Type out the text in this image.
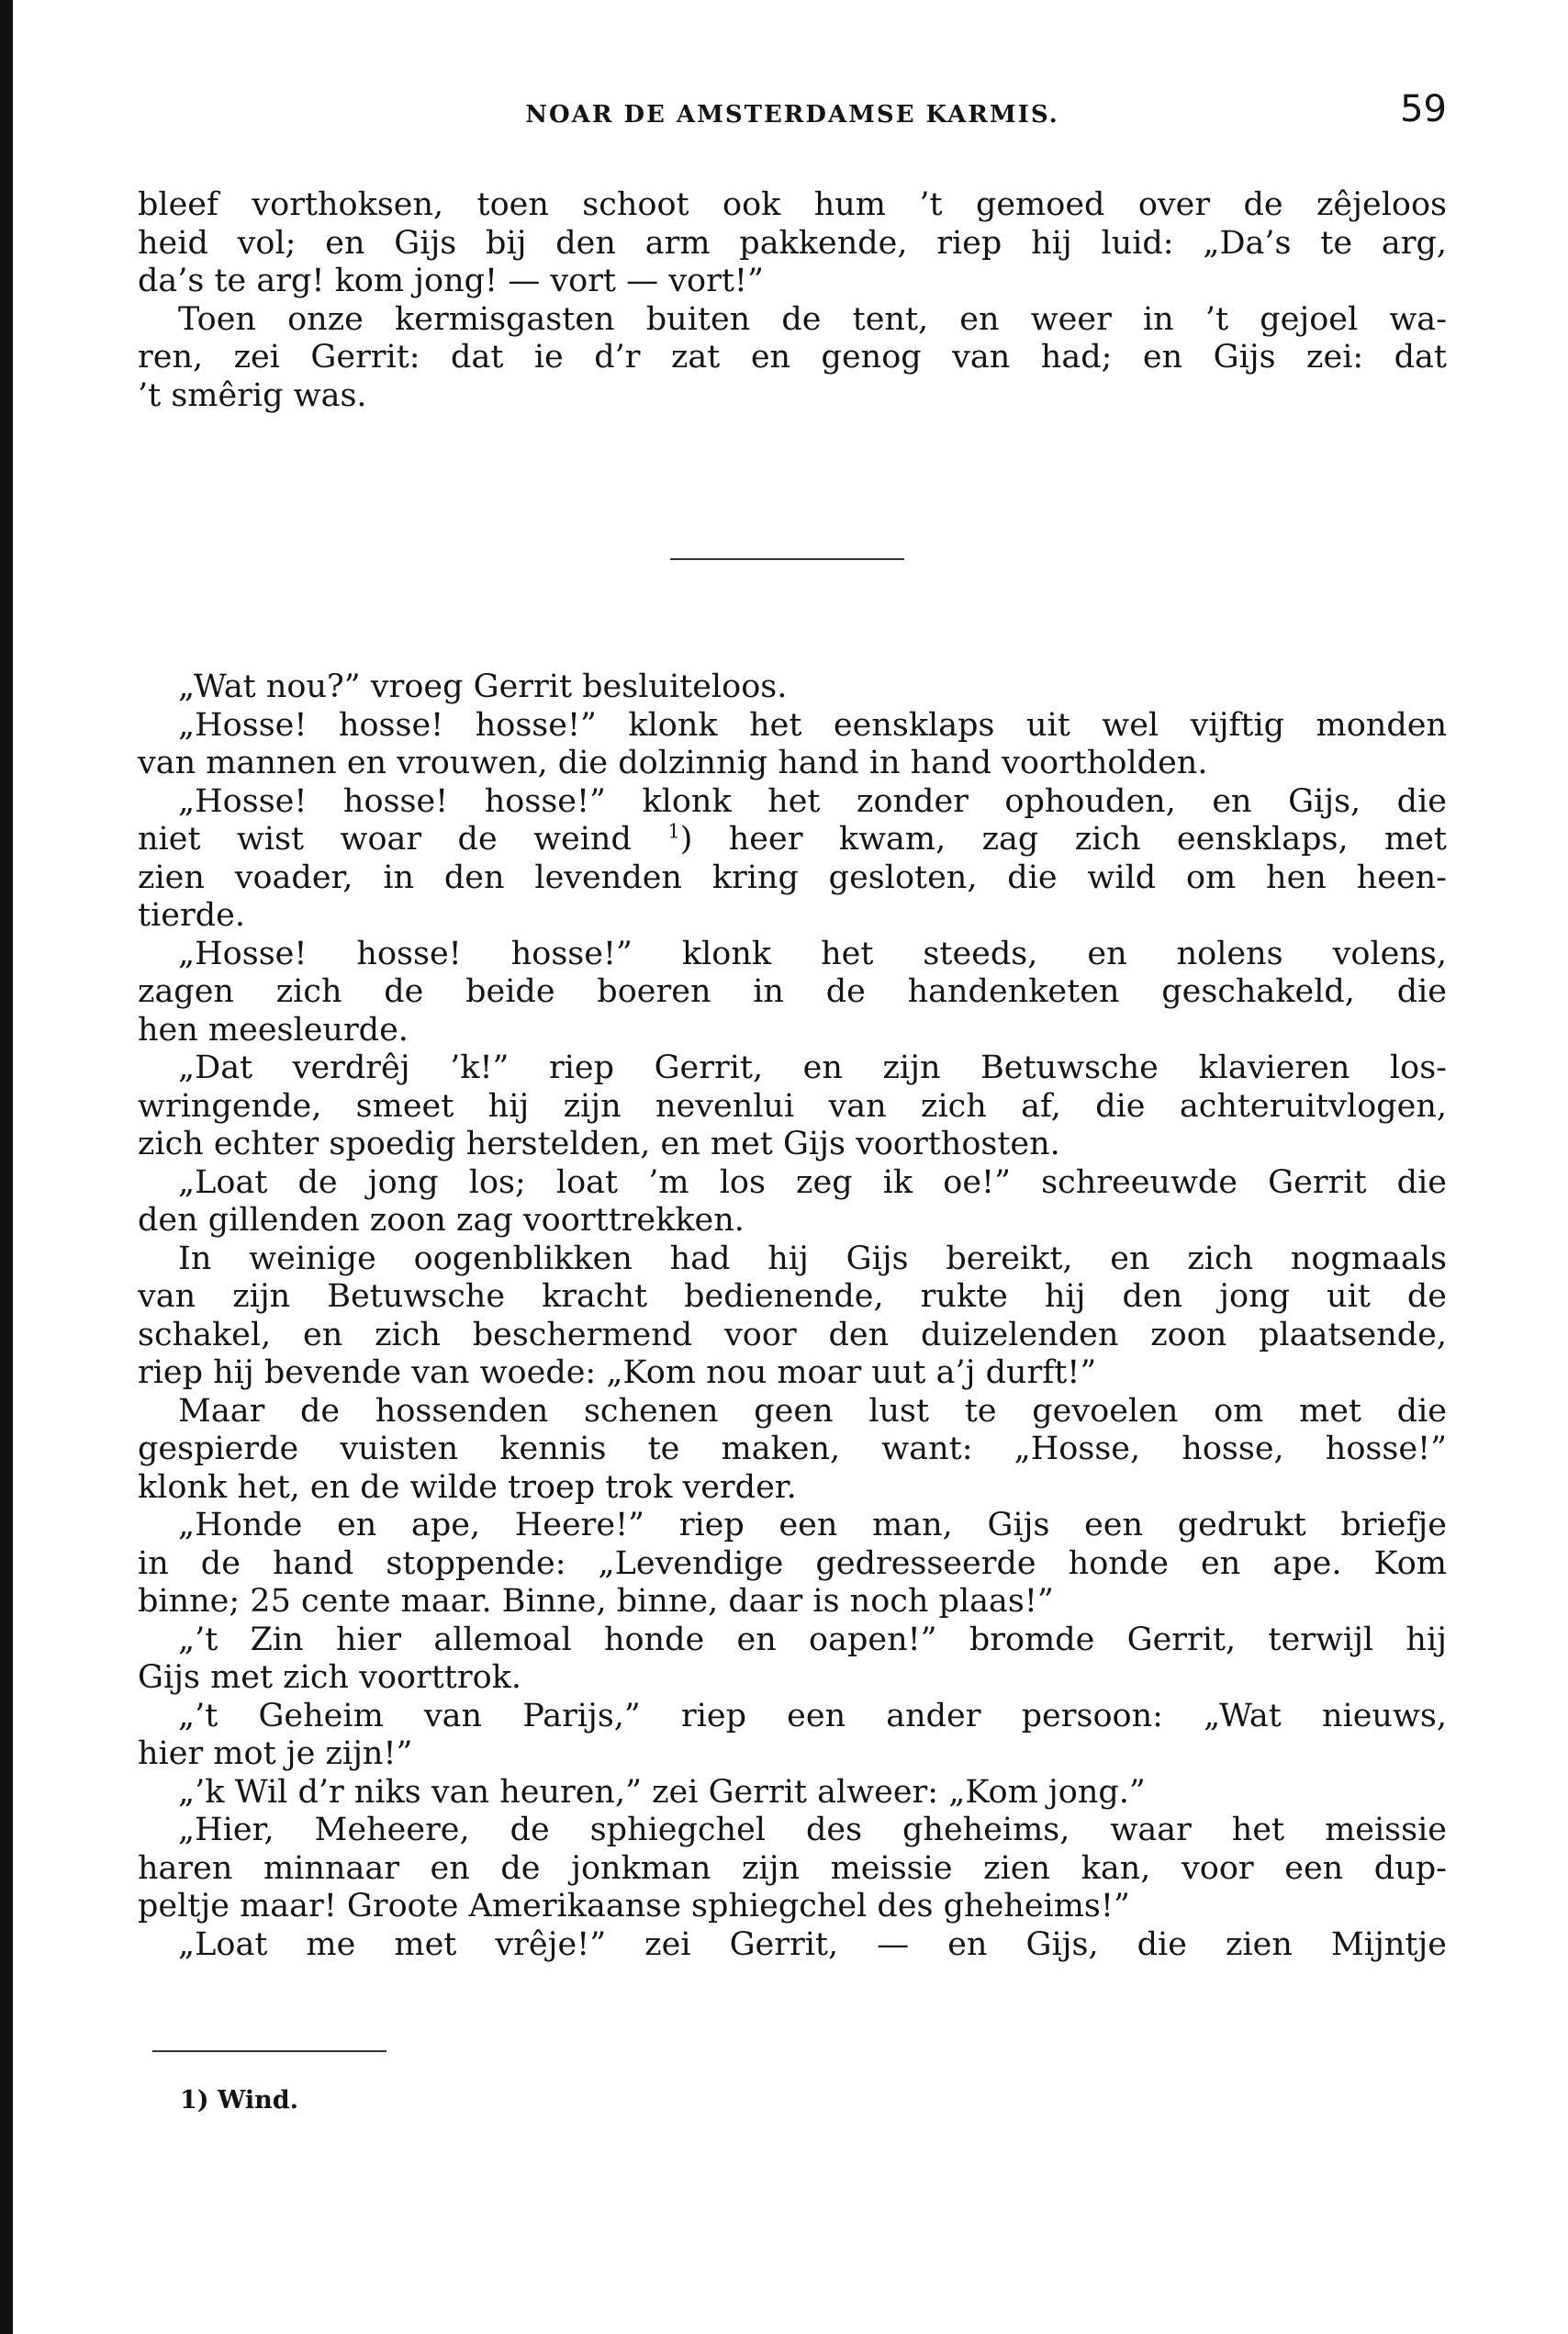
NOAR DE AMSTERDAMSE KARMIS.	59
bleef vorthoksen, toen schoot ook hum ’t gemoed over de zêjeloos
heid vol; en Gijs bij den arm pakkende, riep hij luid: „Da’s te arg,
da’s te arg! kom jong! — vort — vort!”
Toen onze kermisgasten buiten de tent, en weer in ’t gejoel wa-
ren, zei Gerrit: dat ie d’r zat en genog van had; en Gijs zei: dat
’t smêrig was.
„Wat nou?” vroeg Gerrit besluiteloos.
„Hosse! hosse! hosse!” klonk het eensklaps uit wel vijftig monden
van mannen en vrouwen, die dolzinnig hand in hand voortholden.
„Hosse! hosse! hosse!” klonk het zonder ophouden, en Gijs, die
niet wist woar de weind $^1$) heer kwam, zag zich eensklaps, met
zien voader, in den levenden kring gesloten, die wild om hen heen-
tierde.
„Hosse! hosse! hosse!” klonk het steeds, en nolens volens,
zagen zich de beide boeren in de handenketen geschakeld, die
hen meesleurde.
„Dat verdrêj ’k!” riep Gerrit, en zijn Betuwsche klavieren los-
wringende, smeet hij zijn nevenlui van zich af, die achteruitvlogen,
zich echter spoedig herstelden, en met Gijs voorthosten.
„Loat de jong los; loat ’m los zeg ik oe!” schreeuwde Gerrit die
den gillenden zoon zag voorttrekken.
In weinige oogenblikken had hij Gijs bereikt, en zich nogmaals
van zijn Betuwsche kracht bedienende, rukte hij den jong uit de
schakel, en zich beschermend voor den duizelenden zoon plaatsende,
riep hij bevende van woede: „Kom nou moar uut a’j durft!”
Maar de hossenden schenen geen lust te gevoelen om met die
gespierde vuisten kennis te maken, want: „Hosse, hosse, hosse!”
klonk het, en de wilde troep trok verder.
„Honde en ape, Heere!” riep een man, Gijs een gedrukt briefje
in de hand stoppende: „Levendige gedresseerde honde en ape. Kom
binne; 25 cente maar. Binne, binne, daar is noch plaas!”
„’t Zin hier allemoal honde en oapen!” bromde Gerrit, terwijl hij
Gijs met zich voorttrok.
„’t Geheim van Parijs,” riep een ander persoon: „Wat nieuws,
hier mot je zijn!”
„’k Wil d’r niks van heuren,” zei Gerrit alweer: „Kom jong.”
„Hier, Meheere, de sphiegchel des gheheims, waar het meissie
haren minnaar en de jonkman zijn meissie zien kan, voor een dup-
peltje maar! Groote Amerikaanse sphiegchel des gheheims!”
„Loat me met vrêje!” zei Gerrit, — en Gijs, die zien Mijntje
1) Wind.
